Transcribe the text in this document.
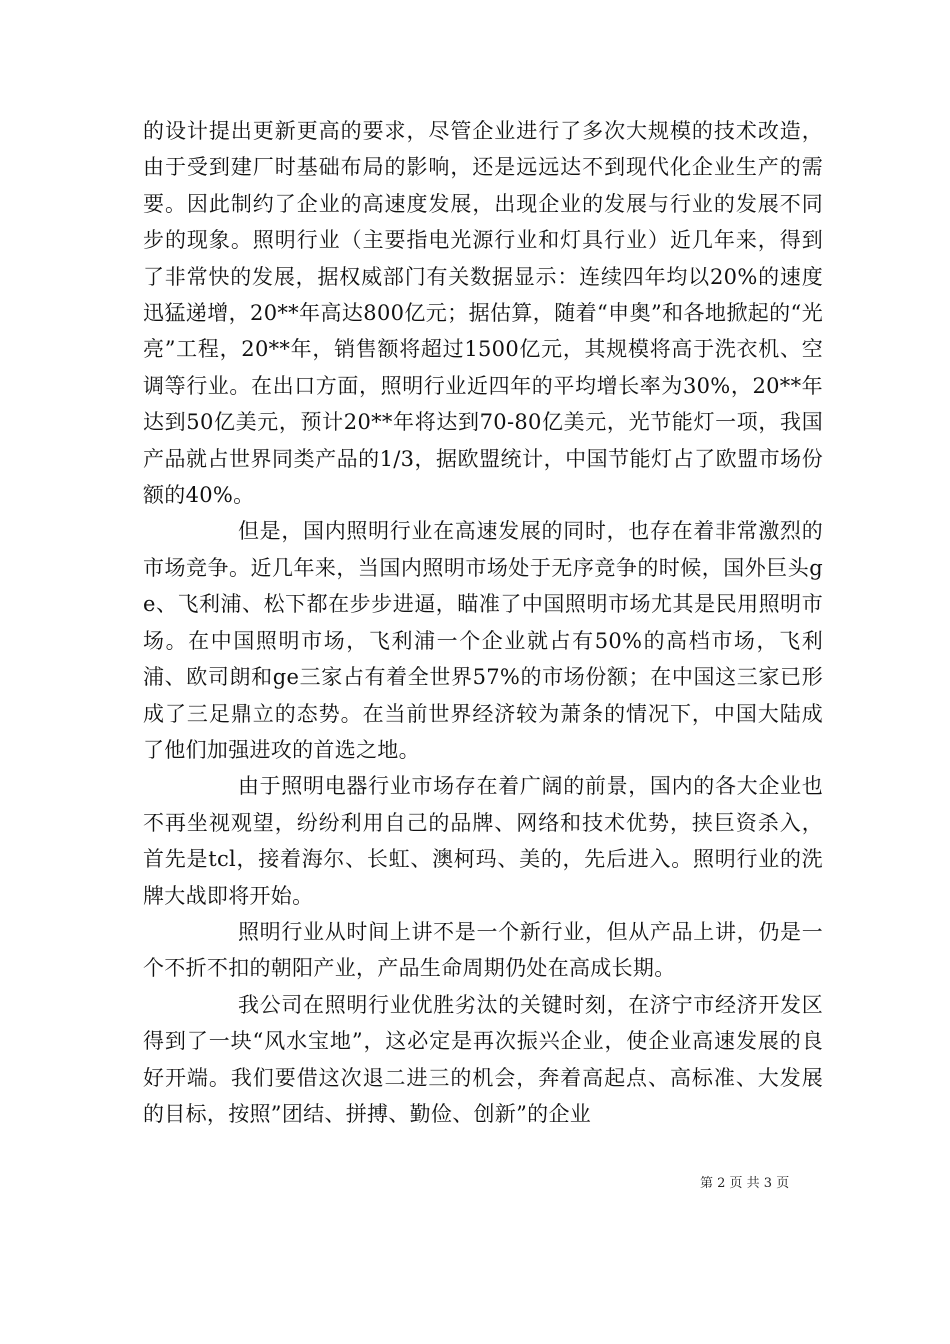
的设计提出更新更高的要求，尽管企业进行了多次大规模的技术改造，由于受到建厂时基础布局的影响，还是远远达不到现代化企业生产的需要。因此制约了企业的高速度发展，出现企业的发展与行业的发展不同步的现象。照明行业（主要指电光源行业和灯具行业）近几年来，得到了非常快的发展，据权威部门有关数据显示：连续四年均以20%的速度迅猛递增，20**年高达800亿元；据估算，随着“申奥”和各地掀起的“光亮”工程，20**年，销售额将超过1500亿元，其规模将高于洗衣机、空调等行业。在出口方面，照明行业近四年的平均增长率为30%，20**年达到50亿美元，预计20**年将达到70-80亿美元，光节能灯一项，我国产品就占世界同类产品的1/3，据欧盟统计，中国节能灯占了欧盟市场份额的40%。

但是，国内照明行业在高速发展的同时，也存在着非常激烈的市场竞争。近几年来，当国内照明市场处于无序竞争的时候，国外巨头ge、飞利浦、松下都在步步进逼，瞄准了中国照明市场尤其是民用照明市场。在中国照明市场，飞利浦一个企业就占有50%的高档市场，飞利浦、欧司朗和ge三家占有着全世界57%的市场份额；在中国这三家已形成了三足鼎立的态势。在当前世界经济较为萧条的情况下，中国大陆成了他们加强进攻的首选之地。

由于照明电器行业市场存在着广阔的前景，国内的各大企业也不再坐视观望，纷纷利用自己的品牌、网络和技术优势，挟巨资杀入，首先是tcl，接着海尔、长虹、澳柯玛、美的，先后进入。照明行业的洗牌大战即将开始。

照明行业从时间上讲不是一个新行业，但从产品上讲，仍是一个不折不扣的朝阳产业，产品生命周期仍处在高成长期。

我公司在照明行业优胜劣汰的关键时刻，在济宁市经济开发区得到了一块“风水宝地”，这必定是再次振兴企业，使企业高速发展的良好开端。我们要借这次退二进三的机会，奔着高起点、高标准、大发展的目标，按照”团结、拼搏、勤俭、创新”的企业

第 2 页 共 3 页
